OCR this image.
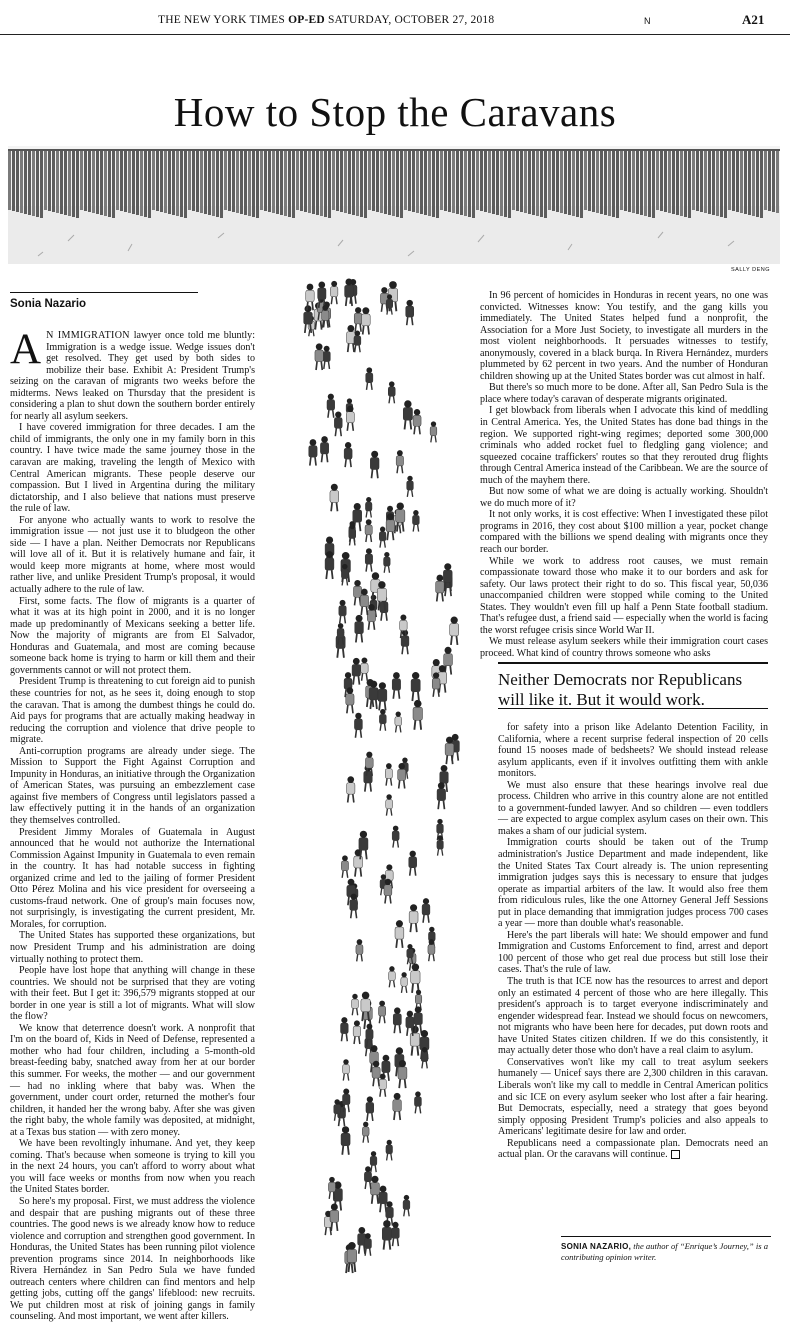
THE NEW YORK TIMES OP-ED SATURDAY, OCTOBER 27, 2018	N	A21
How to Stop the Caravans
SALLY DENG
Sonia Nazario

A N IMMIGRATION lawyer once told me bluntly: Immigration is a wedge issue. Wedge issues don't get resolved. They get used by both sides to mobilize their base. Exhibit A: President Trump's seizing on the caravan of migrants two weeks before the midterms. News leaked on Thursday that the president is considering a plan to shut down the southern border entirely for nearly all asylum seekers.

I have covered immigration for three decades. I am the child of immigrants, the only one in my family born in this country. I have twice made the same journey those in the caravan are making, traveling the length of Mexico with Central American migrants. These people deserve our compassion. But I lived in Argentina during the military dictatorship, and I also believe that nations must preserve the rule of law.

For anyone who actually wants to work to resolve the immigration issue — not just use it to bludgeon the other side — I have a plan. Neither Democrats nor Republicans will love all of it. But it is relatively humane and fair, it would keep more migrants at home, where most would rather live, and unlike President Trump's proposal, it would actually adhere to the rule of law.

First, some facts. The flow of migrants is a quarter of what it was at its high point in 2000, and it is no longer made up predominantly of Mexicans seeking a better life. Now the majority of migrants are from El Salvador, Honduras and Guatemala, and most are coming because someone back home is trying to harm or kill them and their governments cannot or will not protect them.

President Trump is threatening to cut foreign aid to punish these countries for not, as he sees it, doing enough to stop the caravan. That is among the dumbest things he could do. Aid pays for programs that are actually making headway in reducing the corruption and violence that drive people to migrate.

Anti-corruption programs are already under siege. The Mission to Support the Fight Against Corruption and Impunity in Honduras, an initiative through the Organization of American States, was pursuing an embezzlement case against five members of Congress until legislators passed a law effectively putting it in the hands of an organization they themselves controlled.

President Jimmy Morales of Guatemala in August announced that he would not authorize the International Commission Against Impunity in Guatemala to even remain in the country. It has had notable success in fighting organized crime and led to the jailing of former President Otto Pérez Molina and his vice president for overseeing a customs-fraud network. One of group's main focuses now, not surprisingly, is investigating the current president, Mr. Morales, for corruption.

The United States has supported these organizations, but now President Trump and his administration are doing virtually nothing to protect them.

People have lost hope that anything will change in these countries. We should not be surprised that they are voting with their feet. But I get it: 396,579 migrants stopped at our border in one year is still a lot of migrants. What will slow the flow?

We know that deterrence doesn't work. A nonprofit that I'm on the board of, Kids in Need of Defense, represented a mother who had four children, including a 5-month-old breast-feeding baby, snatched away from her at our border this summer. For weeks, the mother — and our government — had no inkling where that baby was. When the government, under court order, returned the mother's four children, it handed her the wrong baby. After she was given the right baby, the whole family was deposited, at midnight, at a Texas bus station — with zero money.

We have been revoltingly inhumane. And yet, they keep coming. That's because when someone is trying to kill you in the next 24 hours, you can't afford to worry about what you will face weeks or months from now when you reach the United States border.

So here's my proposal. First, we must address the violence and despair that are pushing migrants out of these three countries. The good news is we already know how to reduce violence and corruption and strengthen good government. In Honduras, the United States has been running pilot violence prevention programs since 2014. In neighborhoods like Rivera Hernández in San Pedro Sula we have funded outreach centers where children can find mentors and help getting jobs, cutting off the gangs' lifeblood: new recruits. We put children most at risk of joining gangs in family counseling. And most important, we went after killers.

In 96 percent of homicides in Honduras in recent years, no one was convicted. Witnesses know: You testify, and the gang kills you immediately. The United States helped fund a nonprofit, the Association for a More Just Society, to investigate all murders in the most violent neighborhoods. It persuades witnesses to testify, anonymously, covered in a black burqa. In Rivera Hernández, murders plummeted by 62 percent in two years. And the number of Honduran children showing up at the United States border was cut almost in half.

But there's so much more to be done. After all, San Pedro Sula is the place where today's caravan of desperate migrants originated.

I get blowback from liberals when I advocate this kind of meddling in Central America. Yes, the United States has done bad things in the region. We supported right-wing regimes; deported some 300,000 criminals who added rocket fuel to fledgling gang violence; and squeezed cocaine traffickers' routes so that they rerouted drug flights through Central America instead of the Caribbean. We are the source of much of the mayhem there.

But now some of what we are doing is actually working. Shouldn't we do much more of it?

It not only works, it is cost effective: When I investigated these pilot programs in 2016, they cost about $100 million a year, pocket change compared with the billions we spend dealing with migrants once they reach our border.

While we work to address root causes, we must remain compassionate toward those who make it to our borders and ask for safety. Our laws protect their right to do so. This fiscal year, 50,036 unaccompanied children were stopped while coming to the United States. They wouldn't even fill up half a Penn State football stadium. That's refugee dust, a friend said — especially when the world is facing the worst refugee crisis since World War II.

We must release asylum seekers while their immigration court cases proceed. What kind of country throws someone who asks

Neither Democrats nor Republicans will like it. But it would work.

for safety into a prison like Adelanto Detention Facility, in California, where a recent surprise federal inspection of 20 cells found 15 nooses made of bedsheets? We should instead release asylum applicants, even if it involves outfitting them with ankle monitors.

We must also ensure that these hearings involve real due process. Children who arrive in this country alone are not entitled to a government-funded lawyer. And so children — even toddlers — are expected to argue complex asylum cases on their own. This makes a sham of our judicial system.

Immigration courts should be taken out of the Trump administration's Justice Department and made independent, like the United States Tax Court already is. The union representing immigration judges says this is necessary to ensure that judges operate as impartial arbiters of the law. It would also free them from ridiculous rules, like the one Attorney General Jeff Sessions put in place demanding that immigration judges process 700 cases a year — more than double what's reasonable.

Here's the part liberals will hate: We should empower and fund Immigration and Customs Enforcement to find, arrest and deport 100 percent of those who get real due process but still lose their cases. That's the rule of law.

The truth is that ICE now has the resources to arrest and deport only an estimated 4 percent of those who are here illegally. This president's approach is to target everyone indiscriminately and engender widespread fear. Instead we should focus on newcomers, not migrants who have been here for decades, put down roots and have United States citizen children. If we do this consistently, it may actually deter those who don't have a real claim to asylum.

Conservatives won't like my call to treat asylum seekers humanely — Unicef says there are 2,300 children in this caravan. Liberals won't like my call to meddle in Central American politics and sic ICE on every asylum seeker who lost after a fair hearing. But Democrats, especially, need a strategy that goes beyond simply opposing President Trump's policies and also appeals to Americans' legitimate desire for law and order.

Republicans need a compassionate plan. Democrats need an actual plan. Or the caravans will continue.

SONIA NAZARIO, the author of “Enrique’s Journey,” is a contributing opinion writer.
